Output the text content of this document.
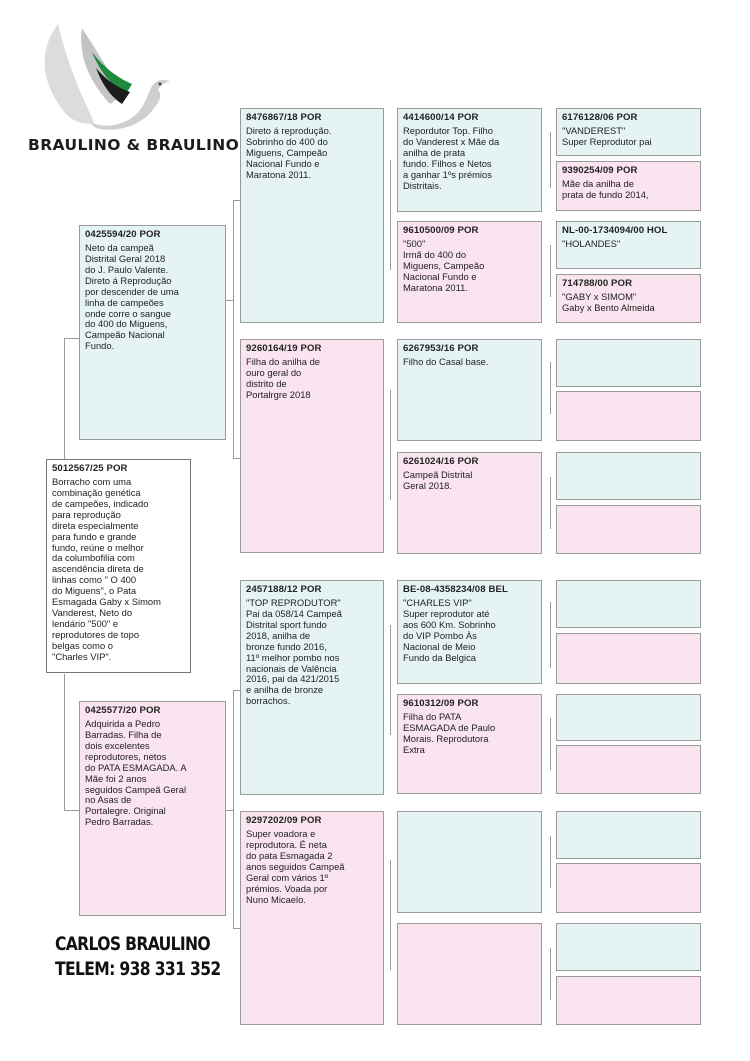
BRAULINO & BRAULINO

5012567/25 POR
Borracho com uma
combinação genética
de campeões, indicado
para reprodução
direta especialmente
para fundo e grande
fundo, reúne o melhor
da columbofilia com
ascendência direta de
linhas como " O 400
do Miguens", o Pata
Esmagada Gaby x Simom
Vanderest, Neto do
lendário "500" e
reprodutores de topo
belgas como o
"Charles VIP".
0425594/20 POR
Neto da campeã
Distrital Geral 2018
do J. Paulo Valente.
Direto á Reprodução
por descender de uma
linha de campeões
onde corre o sangue
do 400 do Miguens,
Campeão Nacional
Fundo.
0425577/20 POR
Adquirida a Pedro
Barradas. Filha de
dois excelentes
reprodutores, netos
do PATA ESMAGADA. A
Mãe foi 2 anos
seguidos Campeã Geral
no Asas de
Portalegre. Original
Pedro Barradas.
8476867/18 POR
Direto á reprodução.
Sobrinho do 400 do
Miguens, Campeão
Nacional Fundo e
Maratona 2011.
9260164/19 POR
Filha do anilha de
ouro geral do
distrito de
Portalrgre 2018
2457188/12 POR
"TOP REPRODUTOR"
Pai da 058/14 Campeã
Distrital sport fundo
2018, anilha de
bronze fundo 2016,
11º melhor pombo nos
nacionais de Valência
2016, pai da 421/2015
e anilha de bronze
borrachos.
9297202/09 POR
Super voadora e
reprodutora. É neta
do pata Esmagada 2
anos seguidos Campeã
Geral com vários 1º
prémios. Voada por
Nuno Micaelo.
4414600/14 POR
Repordutor Top. Filho
do Vanderest x Mãe da
anilha de prata
fundo. Filhos e Netos
a ganhar 1ºs prémios
Distritais.
9610500/09 POR
"500"
Irmã do 400 do
Miguens, Campeão
Nacional Fundo e
Maratona 2011.
6267953/16 POR
Filho do Casal base.
6261024/16 POR
Campeã Distrital
Geral 2018.
BE-08-4358234/08 BEL
"CHARLES VIP"
Super reprodutor até
aos 600 Km. Sobrinho
do VIP Pombo Às
Nacional de Meio
Fundo da Belgica
9610312/09 POR
Filha do PATA
ESMAGADA de Paulo
Morais. Reprodutora
Extra
6176128/06 POR
"VANDEREST"
Super Reprodutor pai
9390254/09 POR
Mãe da anilha de
prata de fundo 2014,
NL-00-1734094/00 HOL
"HOLANDES"
714788/00 POR
"GABY x SIMOM"
Gaby x Bento Almeida

CARLOS BRAULINO

TELEM: 938 331 352
